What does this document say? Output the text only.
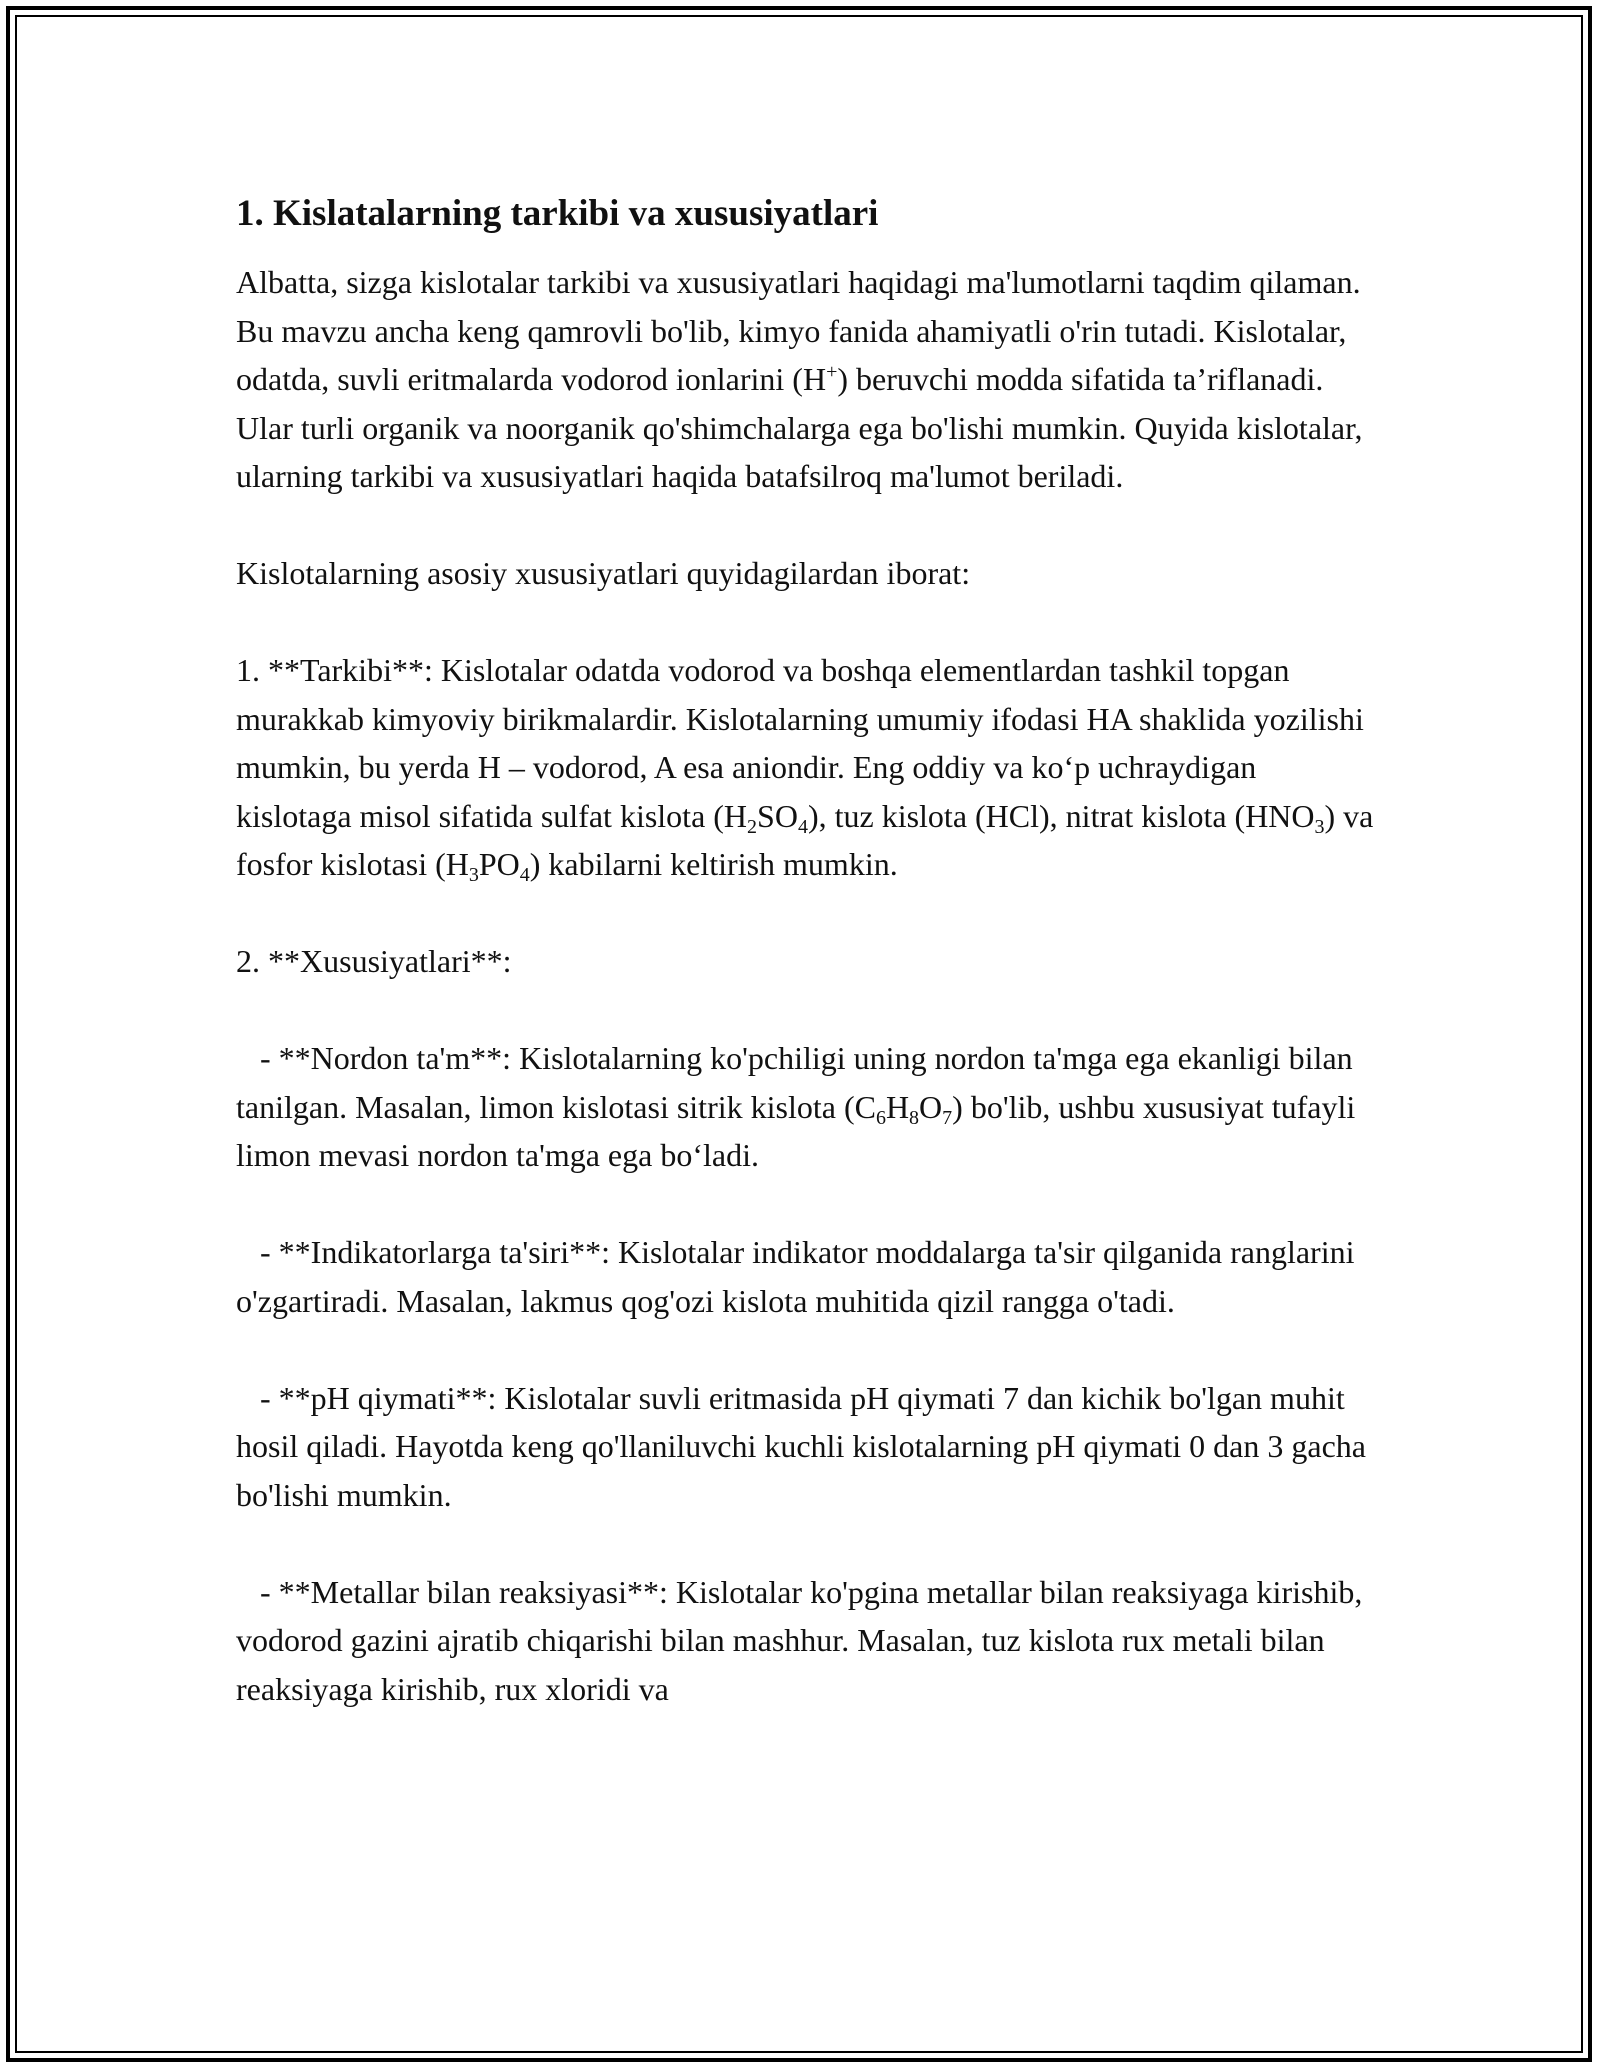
1. Kislatalarning tarkibi va xususiyatlari

Albatta, sizga kislotalar tarkibi va xususiyatlari haqidagi ma'lumotlarni taqdim qilaman. Bu mavzu ancha keng qamrovli bo'lib, kimyo fanida ahamiyatli o'rin tutadi. Kislotalar, odatda, suvli eritmalarda vodorod ionlarini (H+) beruvchi modda sifatida ta’riflanadi. Ular turli organik va noorganik qo'shimchalarga ega bo'lishi mumkin. Quyida kislotalar, ularning tarkibi va xususiyatlari haqida batafsilroq ma'lumot beriladi.

Kislotalarning asosiy xususiyatlari quyidagilardan iborat:

1. **Tarkibi**: Kislotalar odatda vodorod va boshqa elementlardan tashkil topgan murakkab kimyoviy birikmalardir. Kislotalarning umumiy ifodasi HA shaklida yozilishi mumkin, bu yerda H – vodorod, A esa aniondir. Eng oddiy va ko‘p uchraydigan kislotaga misol sifatida sulfat kislota $(H_2SO_4)$, tuz kislota (HCl), nitrat kislota $(HNO_3)$ va fosfor kislotasi $(H_3PO_4)$ kabilarni keltirish mumkin.

2. **Xususiyatlari**:

- **Nordon ta'm**: Kislotalarning ko'pchiligi uning nordon ta'mga ega ekanligi bilan tanilgan. Masalan, limon kislotasi sitrik kislota $(C_6H_8O_7)$ bo'lib, ushbu xususiyat tufayli limon mevasi nordon ta'mga ega bo‘ladi.

- **Indikatorlarga ta'siri**: Kislotalar indikator moddalarga ta'sir qilganida ranglarini o'zgartiradi. Masalan, lakmus qog'ozi kislota muhitida qizil rangga o'tadi.

- **pH qiymati**: Kislotalar suvli eritmasida pH qiymati 7 dan kichik bo'lgan muhit hosil qiladi. Hayotda keng qo'llaniluvchi kuchli kislotalarning pH qiymati 0 dan 3 gacha bo'lishi mumkin.

- **Metallar bilan reaksiyasi**: Kislotalar ko'pgina metallar bilan reaksiyaga kirishib, vodorod gazini ajratib chiqarishi bilan mashhur. Masalan, tuz kislota rux metali bilan reaksiyaga kirishib, rux xloridi va
